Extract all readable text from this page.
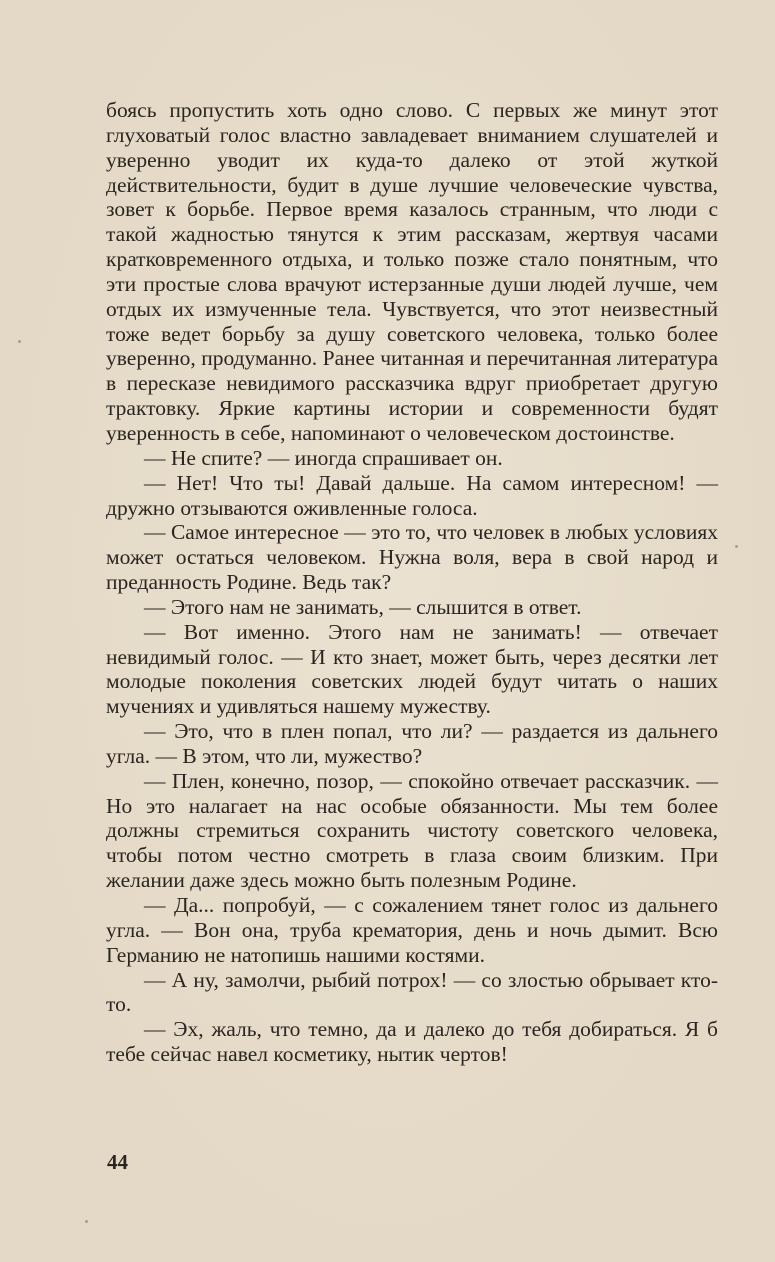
боясь пропустить хоть одно слово. С первых же минут этот глуховатый голос властно завладевает вниманием слушателей и уверенно уводит их куда-то далеко от этой жуткой действительности, будит в душе лучшие человеческие чувства, зовет к борьбе. Первое время казалось странным, что люди с такой жадностью тянутся к этим рассказам, жертвуя часами кратковременного отдыха, и только позже стало понятным, что эти простые слова врачуют истерзанные души людей лучше, чем отдых их измученные тела. Чувствуется, что этот неизвестный тоже ведет борьбу за душу советского человека, только более уверенно, продуманно. Ранее читанная и перечитанная литература в пересказе невидимого рассказчика вдруг приобретает другую трактовку. Яркие картины истории и современности будят уверенность в себе, напоминают о человеческом достоинстве.

— Не спите? — иногда спрашивает он.

— Нет! Что ты! Давай дальше. На самом интересном! — дружно отзываются оживленные голоса.

— Самое интересное — это то, что человек в любых условиях может остаться человеком. Нужна воля, вера в свой народ и преданность Родине. Ведь так?

— Этого нам не занимать, — слышится в ответ.

— Вот именно. Этого нам не занимать! — отвечает невидимый голос. — И кто знает, может быть, через десятки лет молодые поколения советских людей будут читать о наших мучениях и удивляться нашему мужеству.

— Это, что в плен попал, что ли? — раздается из дальнего угла. — В этом, что ли, мужество?

— Плен, конечно, позор, — спокойно отвечает рассказчик. — Но это налагает на нас особые обязанности. Мы тем более должны стремиться сохранить чистоту советского человека, чтобы потом честно смотреть в глаза своим близким. При желании даже здесь можно быть полезным Родине.

— Да... попробуй, — с сожалением тянет голос из дальнего угла. — Вон она, труба крематория, день и ночь дымит. Всю Германию не натопишь нашими костями.

— А ну, замолчи, рыбий потрох! — со злостью обрывает кто-то.

— Эх, жаль, что темно, да и далеко до тебя добираться. Я б тебе сейчас навел косметику, нытик чертов!

44
